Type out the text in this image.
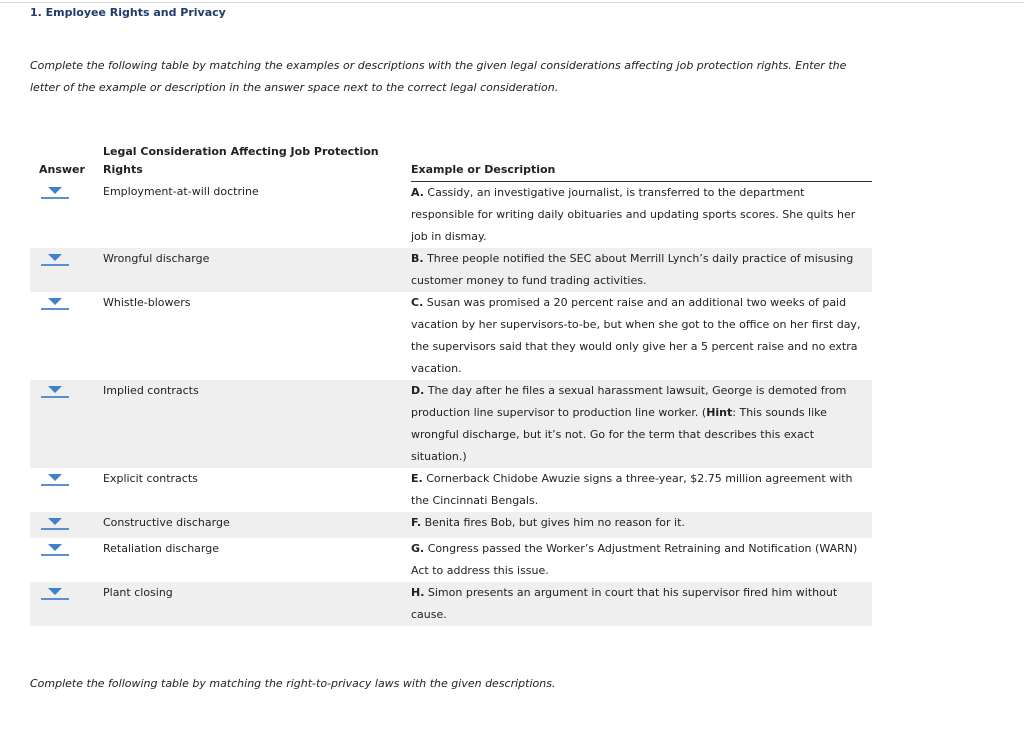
1. Employee Rights and Privacy
Complete the following table by matching the examples or descriptions with the given legal considerations affecting job protection rights. Enter the
letter of the example or description in the answer space next to the correct legal consideration.
Answer	Legal Consideration Affecting Job Protection Rights	Example or Description

	Employment-at-will doctrine	A. Cassidy, an investigative journalist, is transferred to the department responsible for writing daily obituaries and updating sports scores. She quits her job in dismay.

	Wrongful discharge	B. Three people notified the SEC about Merrill Lynch’s daily practice of misusing customer money to fund trading activities.

	Whistle-blowers	C. Susan was promised a 20 percent raise and an additional two weeks of paid vacation by her supervisors-to-be, but when she got to the office on her first day, the supervisors said that they would only give her a 5 percent raise and no extra vacation.

	Implied contracts	D. The day after he files a sexual harassment lawsuit, George is demoted from production line supervisor to production line worker. (Hint: This sounds like wrongful discharge, but it’s not. Go for the term that describes this exact situation.)

	Explicit contracts	E. Cornerback Chidobe Awuzie signs a three-year, $2.75 million agreement with the Cincinnati Bengals.

	Constructive discharge	F. Benita fires Bob, but gives him no reason for it.

	Retaliation discharge	G. Congress passed the Worker’s Adjustment Retraining and Notification (WARN) Act to address this issue.

	Plant closing	H. Simon presents an argument in court that his supervisor fired him without cause.
Complete the following table by matching the right-to-privacy laws with the given descriptions.
